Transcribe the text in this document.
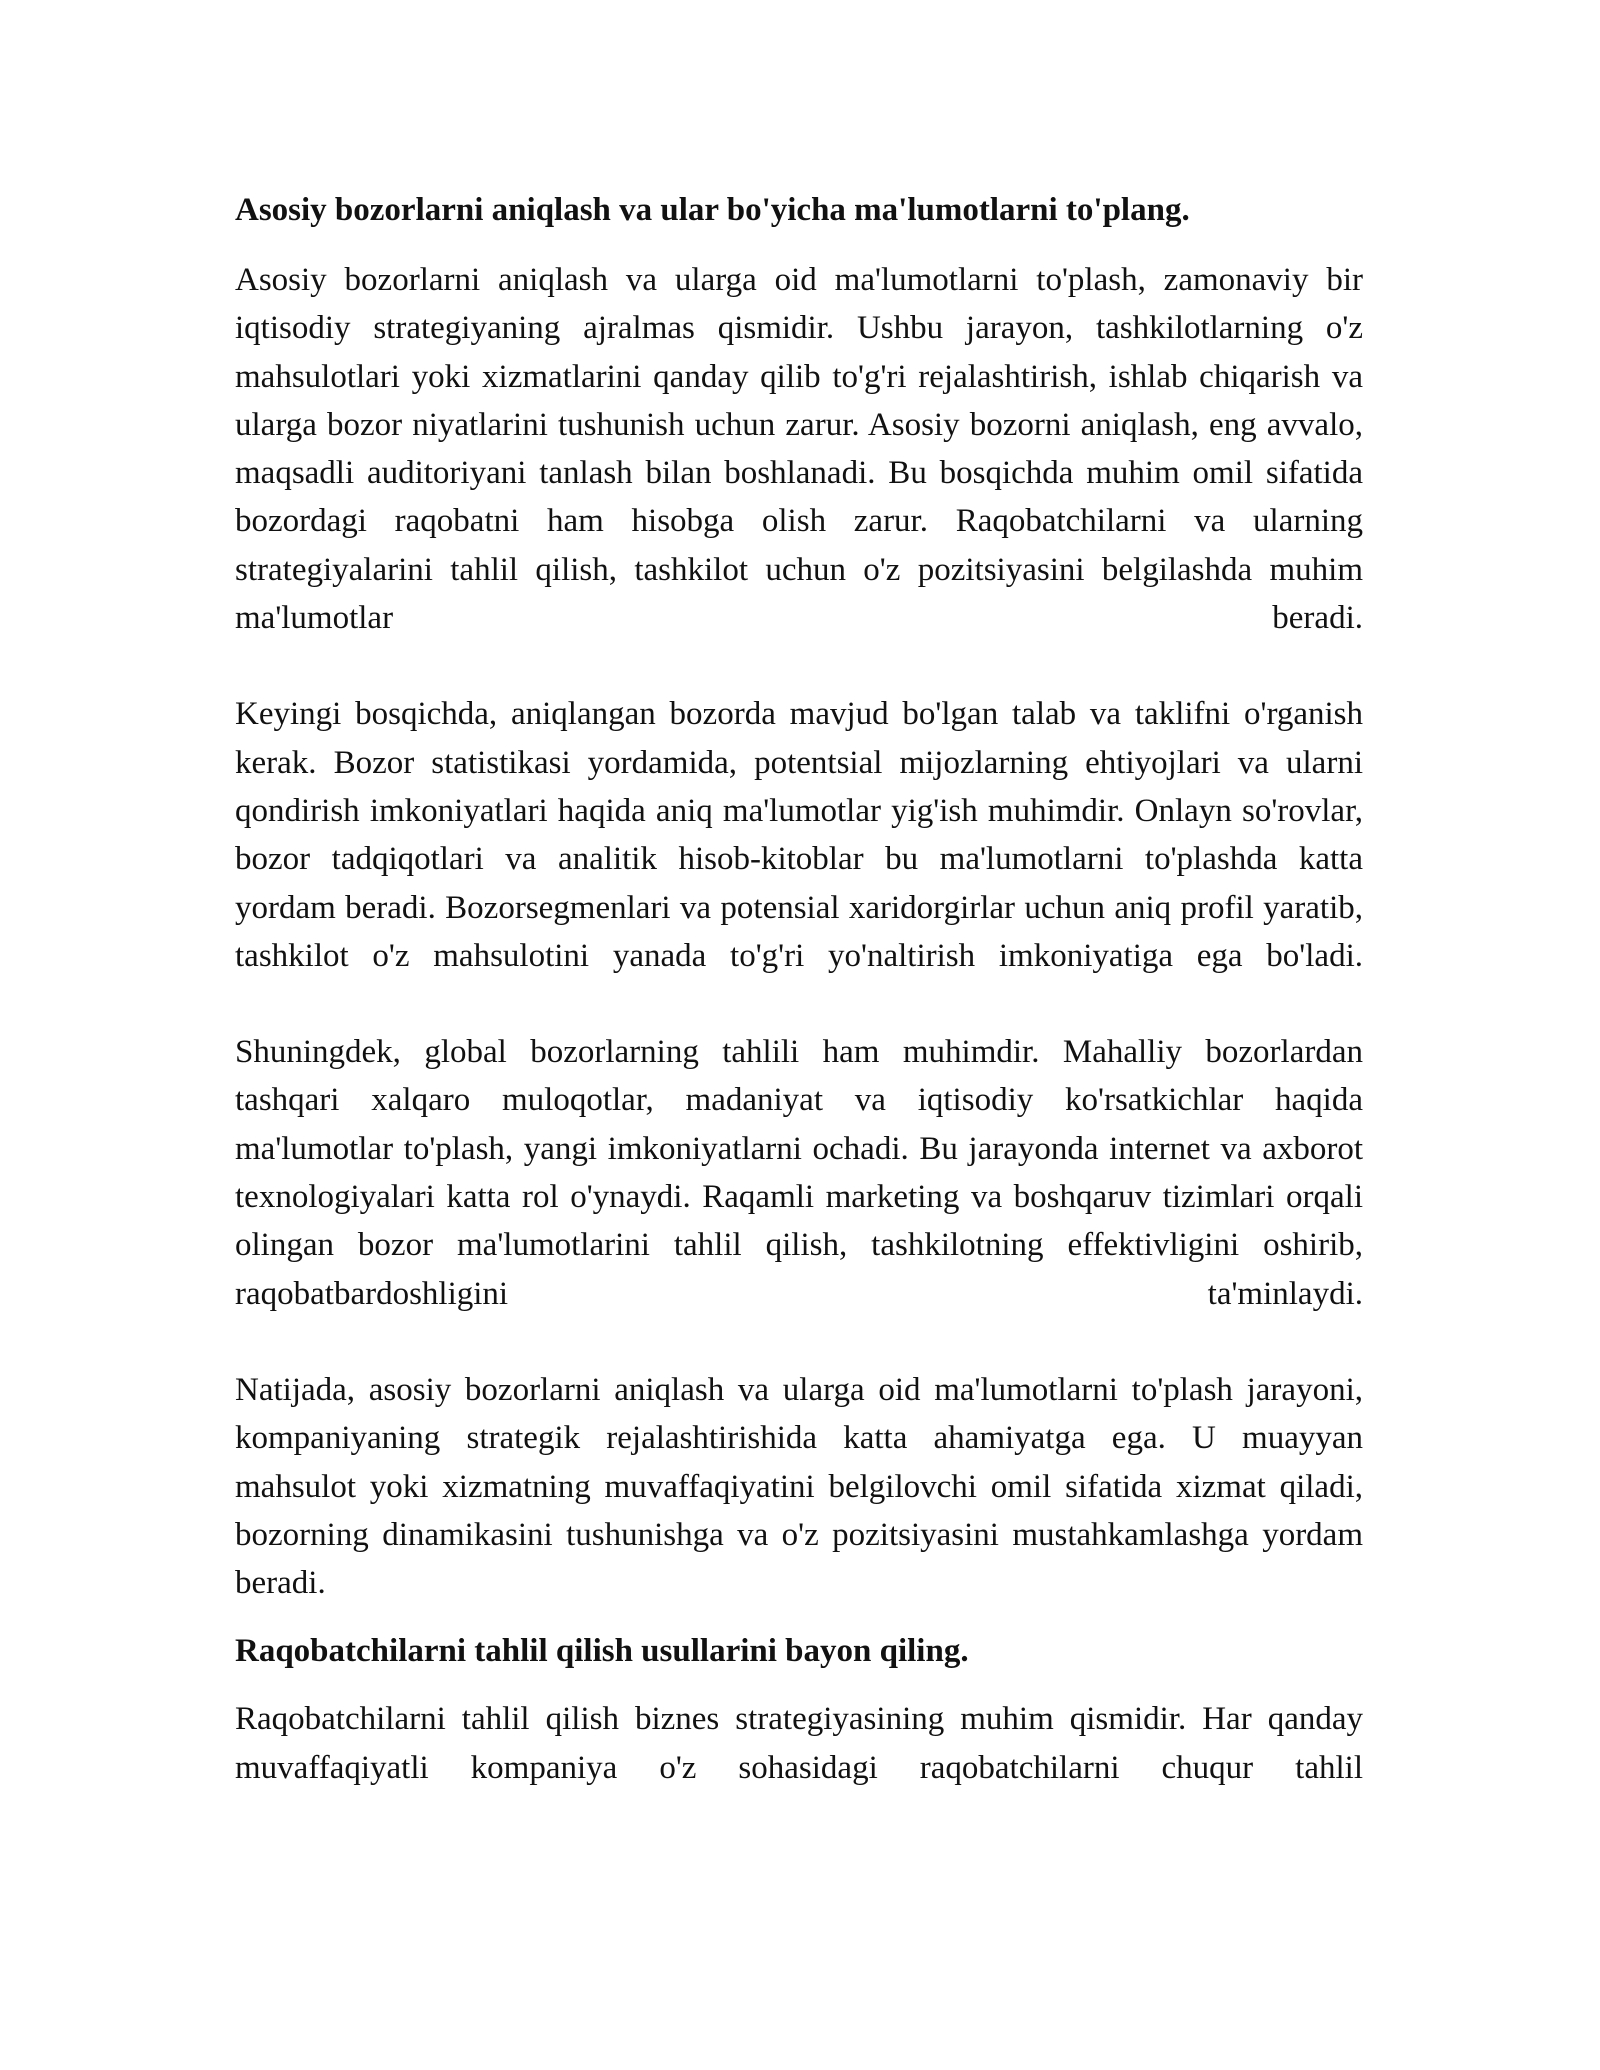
Asosiy bozorlarni aniqlash va ular bo'yicha ma'lumotlarni to'plang.

Asosiy bozorlarni aniqlash va ularga oid ma'lumotlarni to'plash, zamonaviy bir iqtisodiy strategiyaning ajralmas qismidir. Ushbu jarayon, tashkilotlarning o'z mahsulotlari yoki xizmatlarini qanday qilib to'g'ri rejalashtirish, ishlab chiqarish va ularga bozor niyatlarini tushunish uchun zarur. Asosiy bozorni aniqlash, eng avvalo, maqsadli auditoriyani tanlash bilan boshlanadi. Bu bosqichda muhim omil sifatida bozordagi raqobatni ham hisobga olish zarur. Raqobatchilarni va ularning strategiyalarini tahlil qilish, tashkilot uchun o'z pozitsiyasini belgilashda muhim ma'lumotlar beradi.

Keyingi bosqichda, aniqlangan bozorda mavjud bo'lgan talab va taklifni o'rganish kerak. Bozor statistikasi yordamida, potentsial mijozlarning ehtiyojlari va ularni qondirish imkoniyatlari haqida aniq ma'lumotlar yig'ish muhimdir. Onlayn so'rovlar, bozor tadqiqotlari va analitik hisob-kitoblar bu ma'lumotlarni to'plashda katta yordam beradi. Bozorsegmenlari va potensial xaridorgirlar uchun aniq profil yaratib, tashkilot o'z mahsulotini yanada to'g'ri yo'naltirish imkoniyatiga ega bo'ladi.

Shuningdek, global bozorlarning tahlili ham muhimdir. Mahalliy bozorlardan tashqari xalqaro muloqotlar, madaniyat va iqtisodiy ko'rsatkichlar haqida ma'lumotlar to'plash, yangi imkoniyatlarni ochadi. Bu jarayonda internet va axborot texnologiyalari katta rol o'ynaydi. Raqamli marketing va boshqaruv tizimlari orqali olingan bozor ma'lumotlarini tahlil qilish, tashkilotning effektivligini oshirib, raqobatbardoshligini ta'minlaydi.

Natijada, asosiy bozorlarni aniqlash va ularga oid ma'lumotlarni to'plash jarayoni, kompaniyaning strategik rejalashtirishida katta ahamiyatga ega. U muayyan mahsulot yoki xizmatning muvaffaqiyatini belgilovchi omil sifatida xizmat qiladi, bozorning dinamikasini tushunishga va o'z pozitsiyasini mustahkamlashga yordam beradi.

Raqobatchilarni tahlil qilish usullarini bayon qiling.

Raqobatchilarni tahlil qilish biznes strategiyasining muhim qismidir. Har qanday muvaffaqiyatli kompaniya o'z sohasidagi raqobatchilarni chuqur tahlil
